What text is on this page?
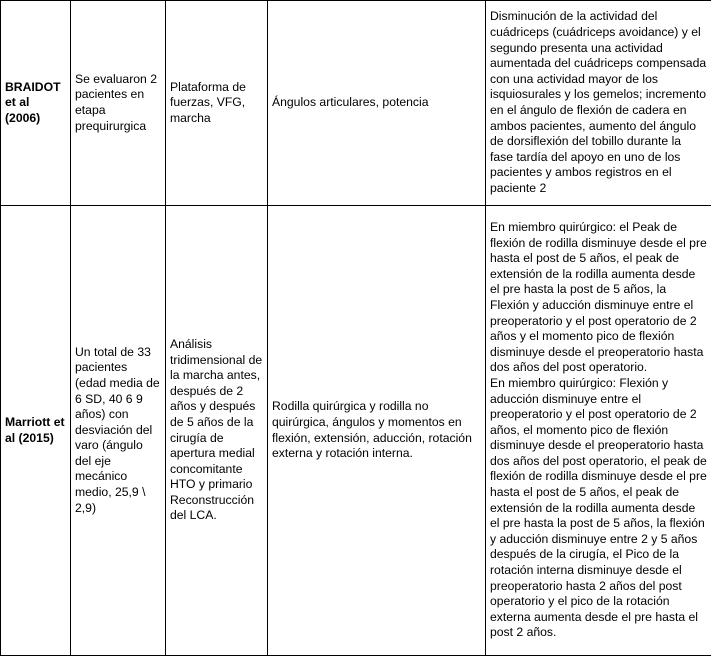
BRAIDOT et al (2006)	Se evaluaron 2 pacientes en etapa prequirurgica	Plataforma de fuerzas, VFG, marcha	Ángulos articulares, potencia	Disminución de la actividad del cuádriceps (cuádriceps avoidance) y el segundo presenta una actividad aumentada del cuádriceps compensada con una actividad mayor de los isquiosurales y los gemelos; incremento en el ángulo de flexión de cadera en ambos pacientes, aumento del ángulo de dorsiflexión del tobillo durante la fase tardía del apoyo en uno de los pacientes y ambos registros en el paciente 2

Marriott et al (2015)	Un total de 33 pacientes (edad media de 6 SD, 40 6 9 años) con desviación del varo (ángulo del eje mecánico medio, 25,9 \ 2,9)	Análisis tridimensional de la marcha antes, después de 2 años y después de 5 años de la cirugía de apertura medial concomitante HTO y primario Reconstrucción del LCA.	Rodilla quirúrgica y rodilla no quirúrgica, ángulos y momentos en flexión, extensión, aducción, rotación externa y rotación interna.	En miembro quirúrgico: el Peak de flexión de rodilla disminuye desde el pre hasta el post de 5 años, el peak de extensión de la rodilla aumenta desde el pre hasta la post de 5 años, la Flexión y aducción disminuye entre el preoperatorio y el post operatorio de 2 años y el momento pico de flexión disminuye desde el preoperatorio hasta dos años del post operatorio.
En miembro quirúrgico: Flexión y aducción disminuye entre el preoperatorio y el post operatorio de 2 años, el momento pico de flexión disminuye desde el preoperatorio hasta dos años del post operatorio, el peak de flexión de rodilla disminuye desde el pre hasta el post de 5 años, el peak de extensión de la rodilla aumenta desde el pre hasta la post de 5 años, la flexión y aducción disminuye entre 2 y 5 años después de la cirugía, el Pico de la rotación interna disminuye desde el preoperatorio hasta 2 años del post operatorio y el pico de la rotación externa aumenta desde el pre hasta el post 2 años.
